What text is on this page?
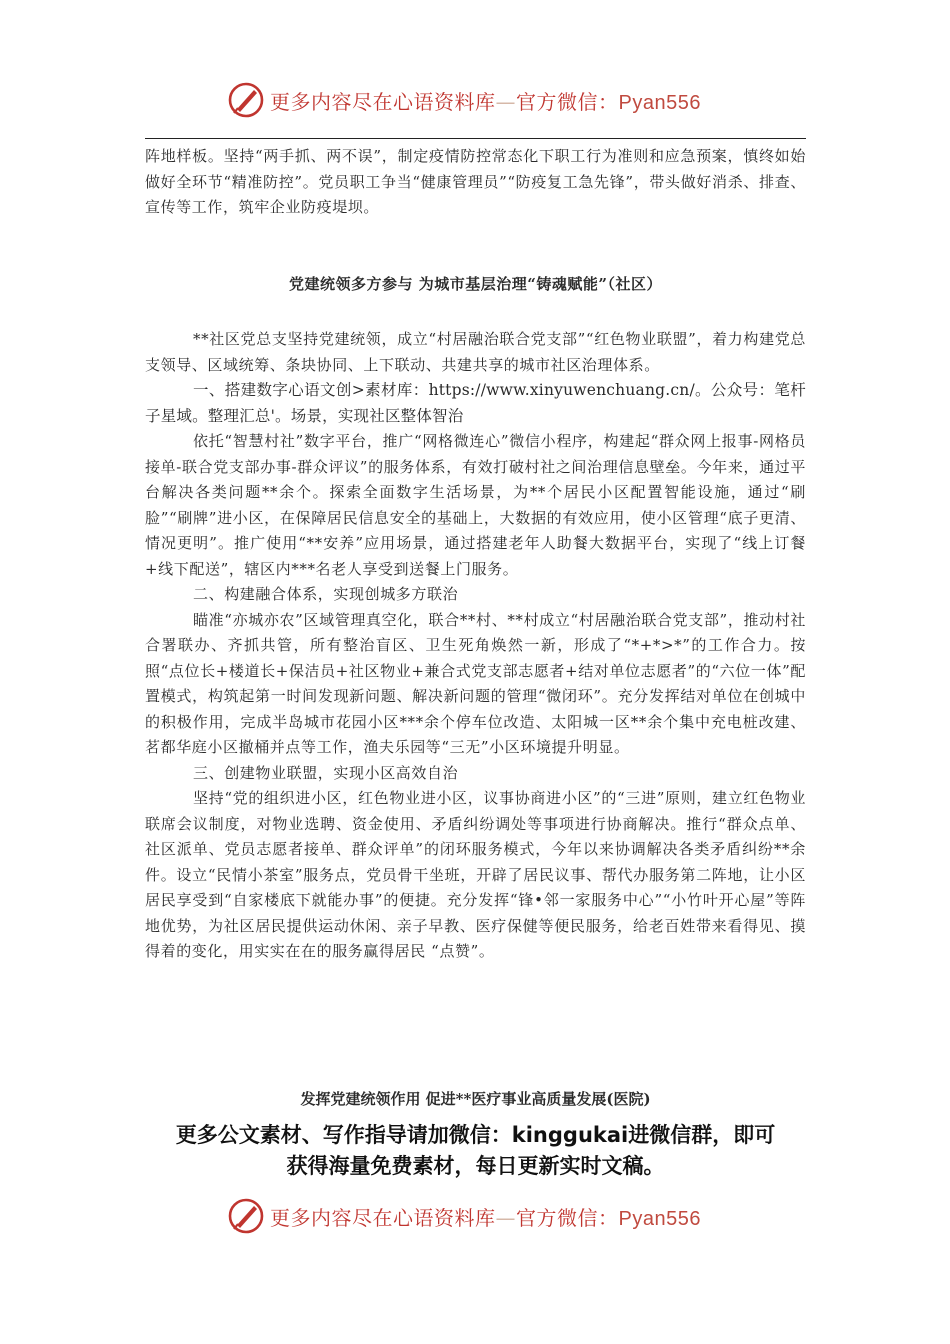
更多内容尽在心语资料库—官方微信：Pyan556

阵地样板。坚持“两手抓、两不误”，制定疫情防控常态化下职工行为准则和应急预案，慎终如始做好全环节“精准防控”。党员职工争当“健康管理员”“防疫复工急先锋”，带头做好消杀、排查、宣传等工作，筑牢企业防疫堤坝。

党建统领多方参与 为城市基层治理“铸魂赋能”（社区）

**社区党总支坚持党建统领，成立“村居融治联合党支部”“红色物业联盟”，着力构建党总支领导、区域统筹、条块协同、上下联动、共建共享的城市社区治理体系。

一、搭建数字心语文创>素材库：https://www.xinyuwenchuang.cn/。公众号：笔杆子星域。整理汇总'。场景，实现社区整体智治

依托“智慧村社”数字平台，推广“网格微连心”微信小程序，构建起“群众网上报事-网格员接单-联合党支部办事-群众评议”的服务体系，有效打破村社之间治理信息壁垒。今年来，通过平台解决各类问题**余个。探索全面数字生活场景，为**个居民小区配置智能设施，通过“刷脸”“刷牌”进小区，在保障居民信息安全的基础上，大数据的有效应用，使小区管理“底子更清、情况更明”。推广使用“**安养”应用场景，通过搭建老年人助餐大数据平台，实现了“线上订餐+线下配送”，辖区内***名老人享受到送餐上门服务。

二、构建融合体系，实现创城多方联治

瞄准“亦城亦农”区域管理真空化，联合**村、**村成立“村居融治联合党支部”，推动村社合署联办、齐抓共管，所有整治盲区、卫生死角焕然一新，形成了“*+*>*”的工作合力。按照“点位长+楼道长+保洁员+社区物业+兼合式党支部志愿者+结对单位志愿者”的“六位一体”配置模式，构筑起第一时间发现新问题、解决新问题的管理“微闭环”。充分发挥结对单位在创城中的积极作用，完成半岛城市花园小区***余个停车位改造、太阳城一区**余个集中充电桩改建、茗都华庭小区撤桶并点等工作，渔夫乐园等“三无”小区环境提升明显。

三、创建物业联盟，实现小区高效自治

坚持“党的组织进小区，红色物业进小区，议事协商进小区”的“三进”原则，建立红色物业联席会议制度，对物业选聘、资金使用、矛盾纠纷调处等事项进行协商解决。推行“群众点单、社区派单、党员志愿者接单、群众评单”的闭环服务模式，今年以来协调解决各类矛盾纠纷**余件。设立“民情小茶室”服务点，党员骨干坐班，开辟了居民议事、帮代办服务第二阵地，让小区居民享受到“自家楼底下就能办事”的便捷。充分发挥“锋•邻一家服务中心”“小竹叶开心屋”等阵地优势，为社区居民提供运动休闲、亲子早教、医疗保健等便民服务，给老百姓带来看得见、摸得着的变化，用实实在在的服务赢得居民 “点赞”。

发挥党建统领作用 促进**医疗事业高质量发展(医院)
更多公文素材、写作指导请加微信：kinggukai进微信群，即可
获得海量免费素材，每日更新实时文稿。
更多内容尽在心语资料库—官方微信：Pyan556
